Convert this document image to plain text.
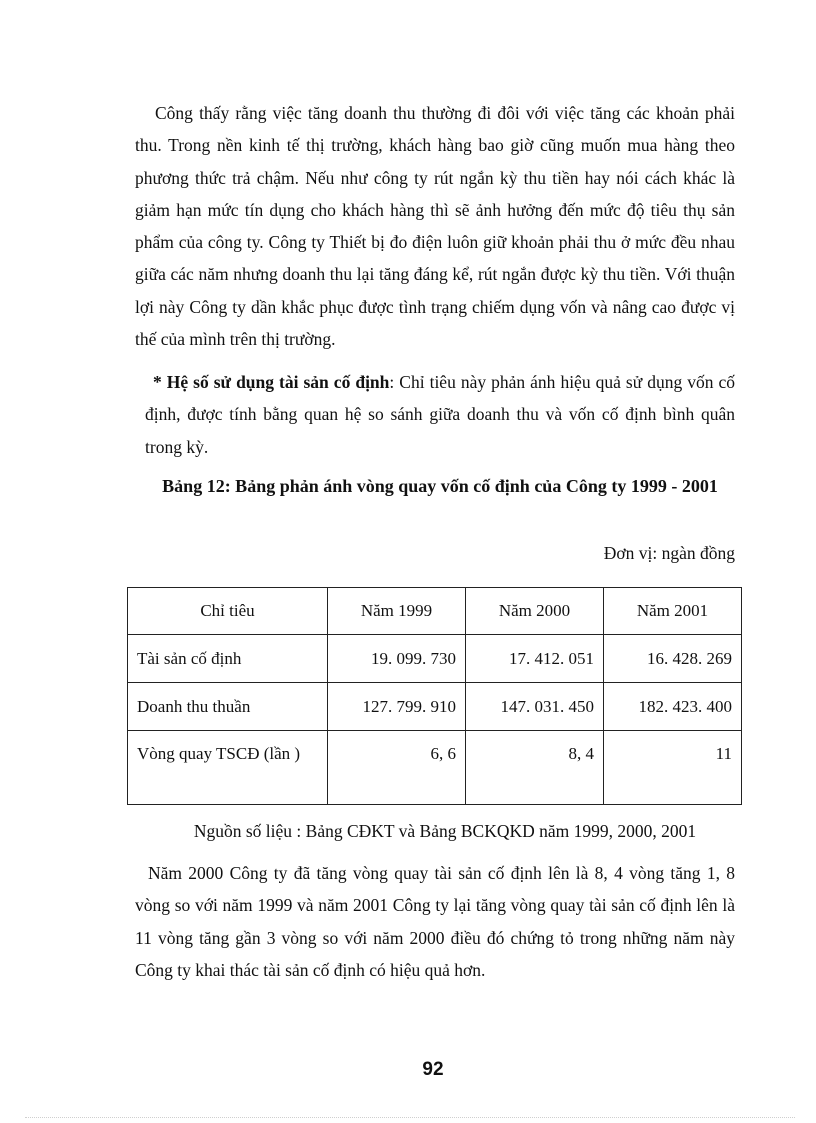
Công thấy rằng việc tăng doanh thu thường đi đôi với việc tăng các khoản phải thu. Trong nền kinh tế thị trường, khách hàng bao giờ cũng muốn mua hàng theo phương thức trả chậm. Nếu như công ty rút ngắn kỳ thu tiền hay nói cách khác là giảm hạn mức tín dụng cho khách hàng thì sẽ ảnh hưởng đến mức độ tiêu thụ sản phẩm của công ty. Công ty Thiết bị đo điện luôn giữ khoản phải thu ở mức đều nhau giữa các năm nhưng doanh thu lại tăng đáng kể, rút ngắn được kỳ thu tiền. Với thuận lợi này Công ty dần khắc phục được tình trạng chiếm dụng vốn và nâng cao được vị thế của mình trên thị trường.

* Hệ số sử dụng tài sản cố định: Chỉ tiêu này phản ánh hiệu quả sử dụng vốn cố định, được tính bằng quan hệ so sánh giữa doanh thu và vốn cố định bình quân trong kỳ.

Bảng 12: Bảng phản ánh vòng quay vốn cố định của Công ty 1999 - 2001

Đơn vị: ngàn đồng

Chỉ tiêu	Năm 1999	Năm 2000	Năm 2001
Tài sản cố định	19. 099. 730	17. 412. 051	16. 428. 269
Doanh thu thuần	127. 799. 910	147. 031. 450	182. 423. 400
Vòng quay TSCĐ (lần )	6, 6	8, 4	11

Nguồn số liệu : Bảng CĐKT và Bảng BCKQKD năm 1999, 2000, 2001

Năm 2000 Công ty đã tăng vòng quay tài sản cố định lên là 8, 4 vòng tăng 1, 8 vòng so với năm 1999 và năm 2001 Công ty lại tăng vòng quay tài sản cố định lên là 11 vòng tăng gần 3 vòng so với năm 2000 điều đó chứng tỏ trong những năm này Công ty khai thác tài sản cố định có hiệu quả hơn.

92
